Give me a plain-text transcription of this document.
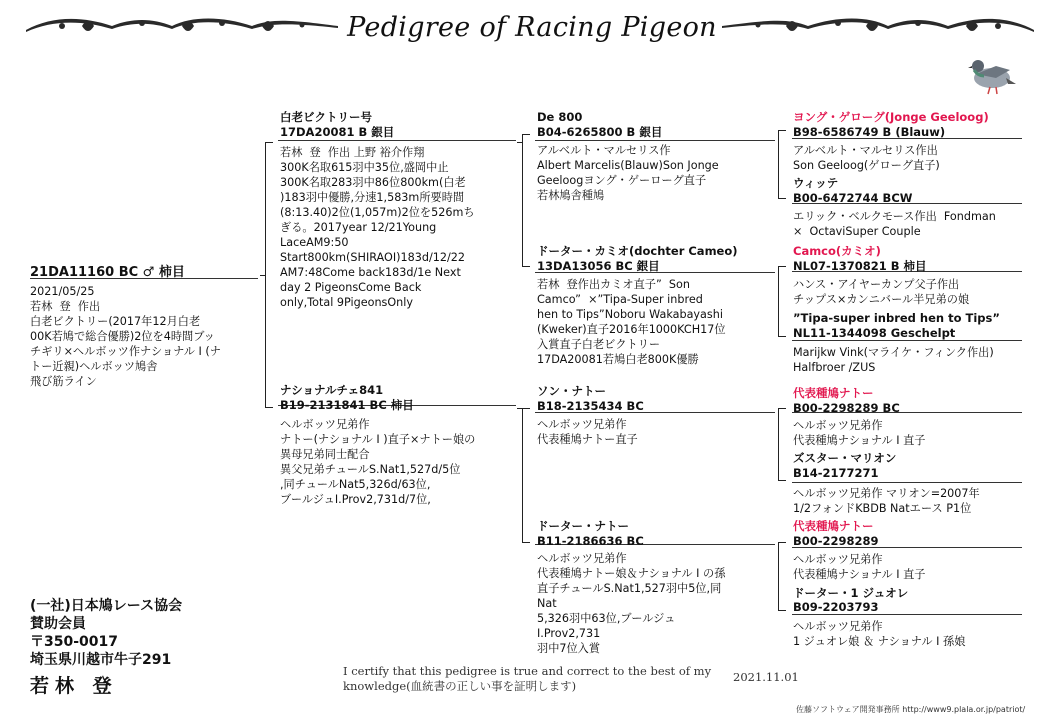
Pedigree of Racing Pigeon
21DA11160 BC ♂ 柿目
2021/05/25
若林  登  作出
白老ビクトリー(2017年12月白老
00K若鳩で総合優勝)2位を4時間ブッ
チギリ×ヘルボッツ作ナショナル I (ナ
トー近親)ヘルボッツ鳩舎
飛び筋ライン
白老ビクトリー号
17DA20081 B 銀目
若林  登  作出 上野 裕介作翔
300K名取615羽中35位,盛岡中止
300K名取283羽中86位800km(白老
)183羽中優勝,分速1,583m所要時間
(8:13.40)2位(1,057m)2位を526mち
ぎる。2017year 12/21Young
LaceAM9:50
Start800km(SHIRAOI)183d/12/22
AM7:48Come back183d/1e Next
day 2 PigeonsCome Back
only,Total 9PigeonsOnly
ナショナルチェ841
B19-2131841 BC 柿目
ヘルボッツ兄弟作
ナトー(ナショナル I )直子×ナトー娘の
異母兄弟同士配合
異父兄弟チュールS.Nat1,527d/5位
,同チュールNat5,326d/63位,
ブールジュI.Prov2,731d/7位,
De 800
B04-6265800 B 銀目
アルベルト・マルセリス作
Albert Marcelis(Blauw)Son Jonge
Geeloogヨング・ゲーローグ直子
若林鳩舎種鳩
ドーター・カミオ(dochter Cameo)
13DA13056 BC 銀目
若林  登作出カミオ直子”  Son
Camco”  ×”Tipa-Super inbred
hen to Tips”Noboru Wakabayashi
(Kweker)直子2016年1000KCH17位
入賞直子白老ビクトリー
17DA20081若鳩白老800K優勝
ソン・ナトー
B18-2135434 BC
ヘルボッツ兄弟作
代表種鳩ナトー直子
ドーター・ナトー
B11-2186636 BC
ヘルボッツ兄弟作
代表種鳩ナトー娘＆ナショナル I の孫
直子チュールS.Nat1,527羽中5位,同
Nat
5,326羽中63位,ブールジュ
I.Prov2,731
羽中7位入賞
ヨング・ゲローグ(Jonge Geeloog)
B98-6586749 B (Blauw)
アルベルト・マルセリス作出
Son Geeloog(ゲローグ直子)
ウィッテ
B00-6472744 BCW
エリック・ベルクモース作出  Fondman
×  OctaviSuper Couple
Camco(カミオ)
NL07-1370821 B 柿目
ハンス・アイヤーカンプ父子作出
チップス×カンニバール半兄弟の娘
”Tipa-super inbred hen to Tips”
NL11-1344098 Geschelpt
Marijkw Vink(マライケ・フィンク作出)
Halfbroer /ZUS
代表種鳩ナトー
B00-2298289 BC
ヘルボッツ兄弟作
代表種鳩ナショナル I 直子
ズスター・マリオン
B14-2177271
ヘルボッツ兄弟作 マリオン=2007年
1/2フォンドKBDB Natエース P1位
代表種鳩ナトー
B00-2298289
ヘルボッツ兄弟作
代表種鳩ナショナル I 直子
ドーター・1 ジュオレ
B09-2203793
ヘルボッツ兄弟作
1 ジュオレ娘 ＆ ナショナル I 孫娘
(一社)日本鳩レース協会
賛助会員
〒350-0017
埼玉県川越市牛子291
若林 登
I certify that this pedigree is true and correct to the best of my
knowledge(血統書の正しい事を証明します)
2021.11.01
佐藤ソフトウェア開発事務所 http://www9.plala.or.jp/patriot/
